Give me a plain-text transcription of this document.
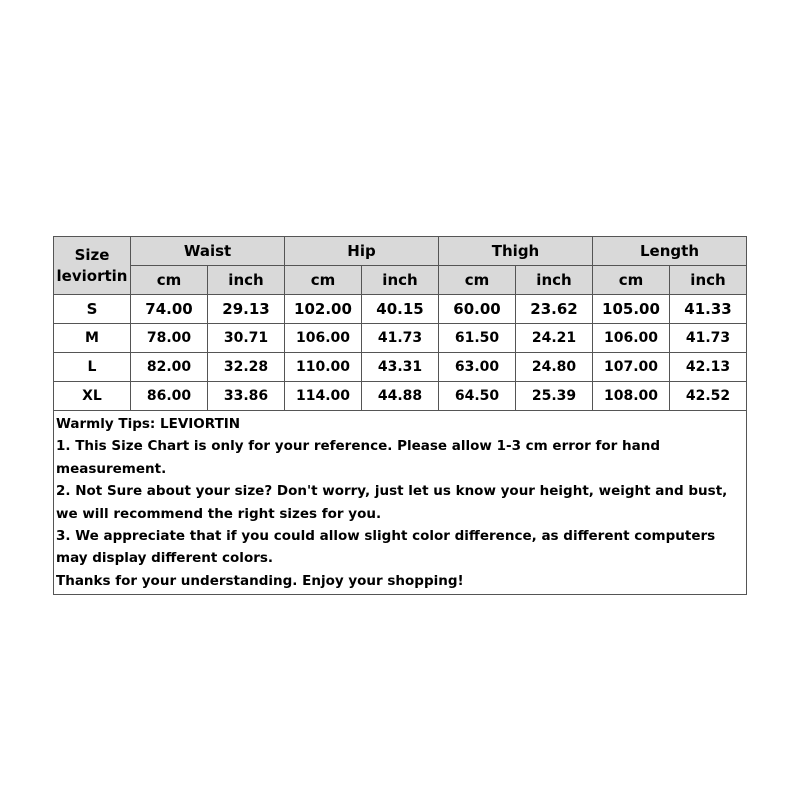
Size
leviortin	Waist		Hip		Thigh		Length	
	cm	inch	cm	inch	cm	inch	cm	inch
S	74.00	29.13	102.00	40.15	60.00	23.62	105.00	41.33
M	78.00	30.71	106.00	41.73	61.50	24.21	106.00	41.73
L	82.00	32.28	110.00	43.31	63.00	24.80	107.00	42.13
XL	86.00	33.86	114.00	44.88	64.50	25.39	108.00	42.52
Warmly Tips: LEVIORTIN
1. This Size Chart is only for your reference. Please allow 1-3 cm error for hand measurement.
2. Not Sure about your size? Don't worry, just let us know your height, weight and bust, we will recommend the right sizes for you.
3. We appreciate that if you could allow slight color difference, as different computers may display different colors.
Thanks for your understanding. Enjoy your shopping!
